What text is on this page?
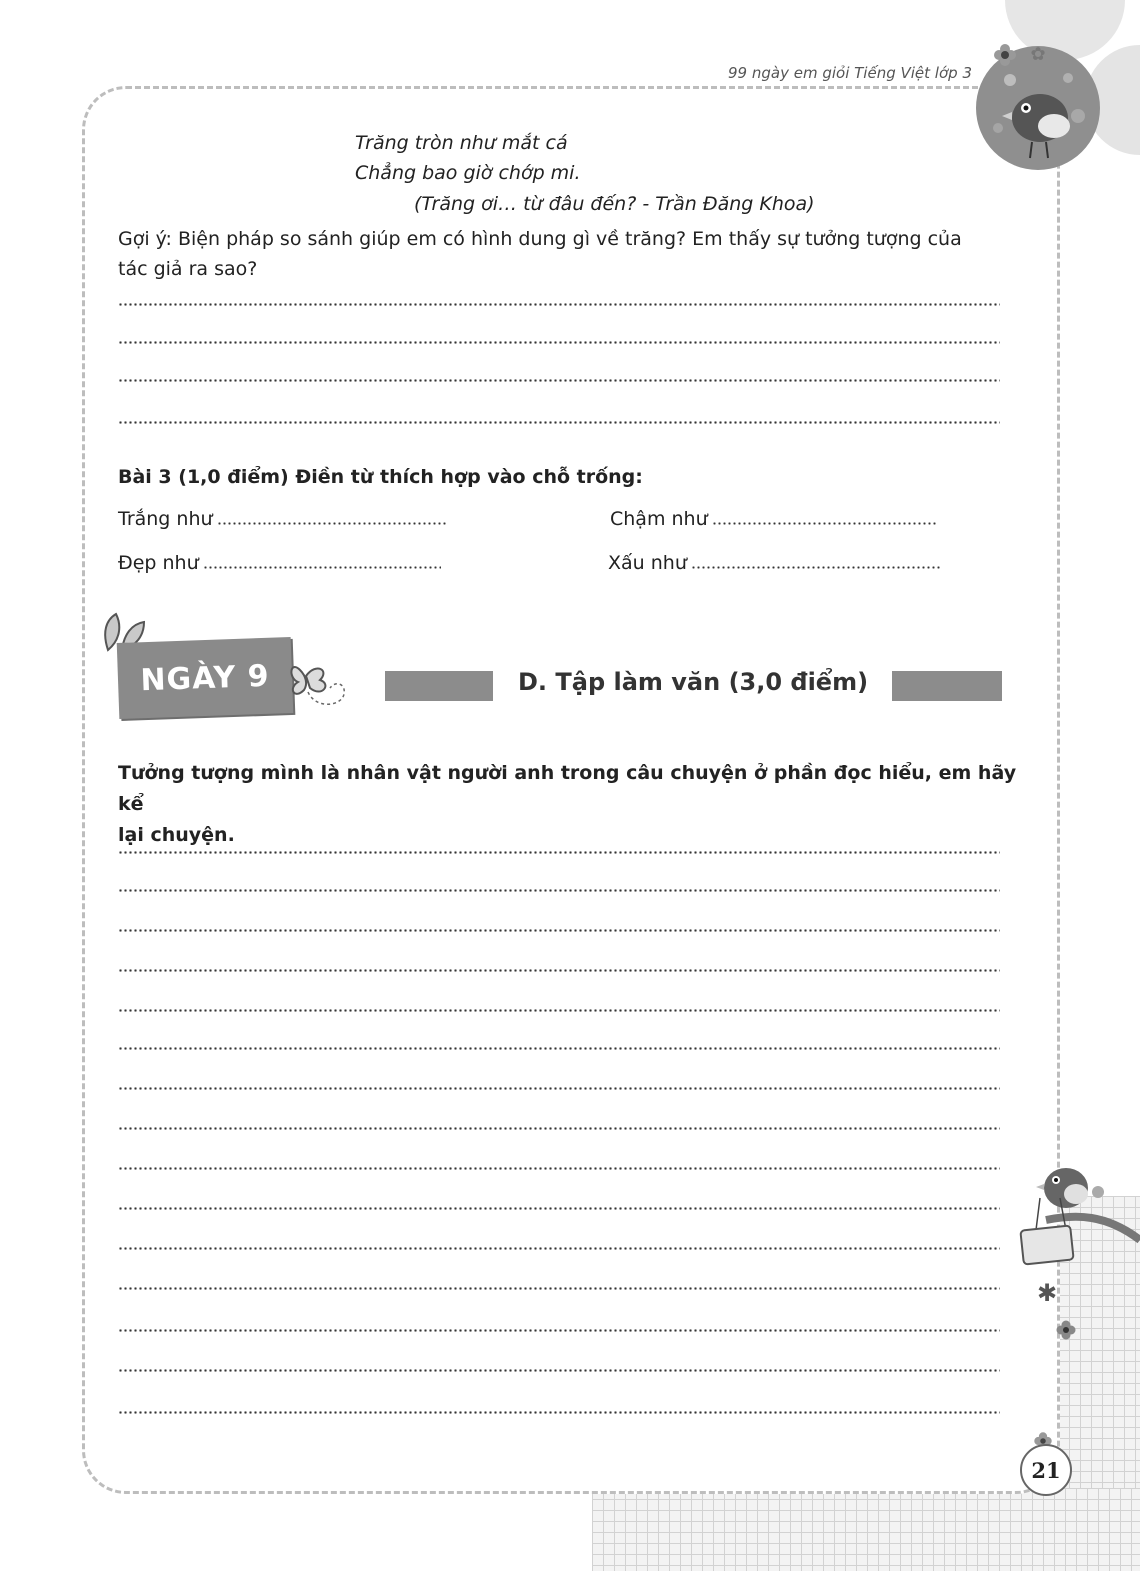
99 ngày em giỏi Tiếng Việt lớp 3
✿
Trăng tròn như mắt cá
Chẳng bao giờ chớp mi.
(Trăng ơi… từ đâu đến? - Trần Đăng Khoa)
Gợi ý: Biện pháp so sánh giúp em có hình dung gì về trăng? Em thấy sự tưởng tượng của
tác giả ra sao?
Bài 3 (1,0 điểm) Điền từ thích hợp vào chỗ trống:
Trắng như	Chậm như
Đẹp như	Xấu như
NGÀY 9	D. Tập làm văn (3,0 điểm)
Tưởng tượng mình là nhân vật người anh trong câu chuyện ở phần đọc hiểu, em hãy kể
lại chuyện.
✱
21
